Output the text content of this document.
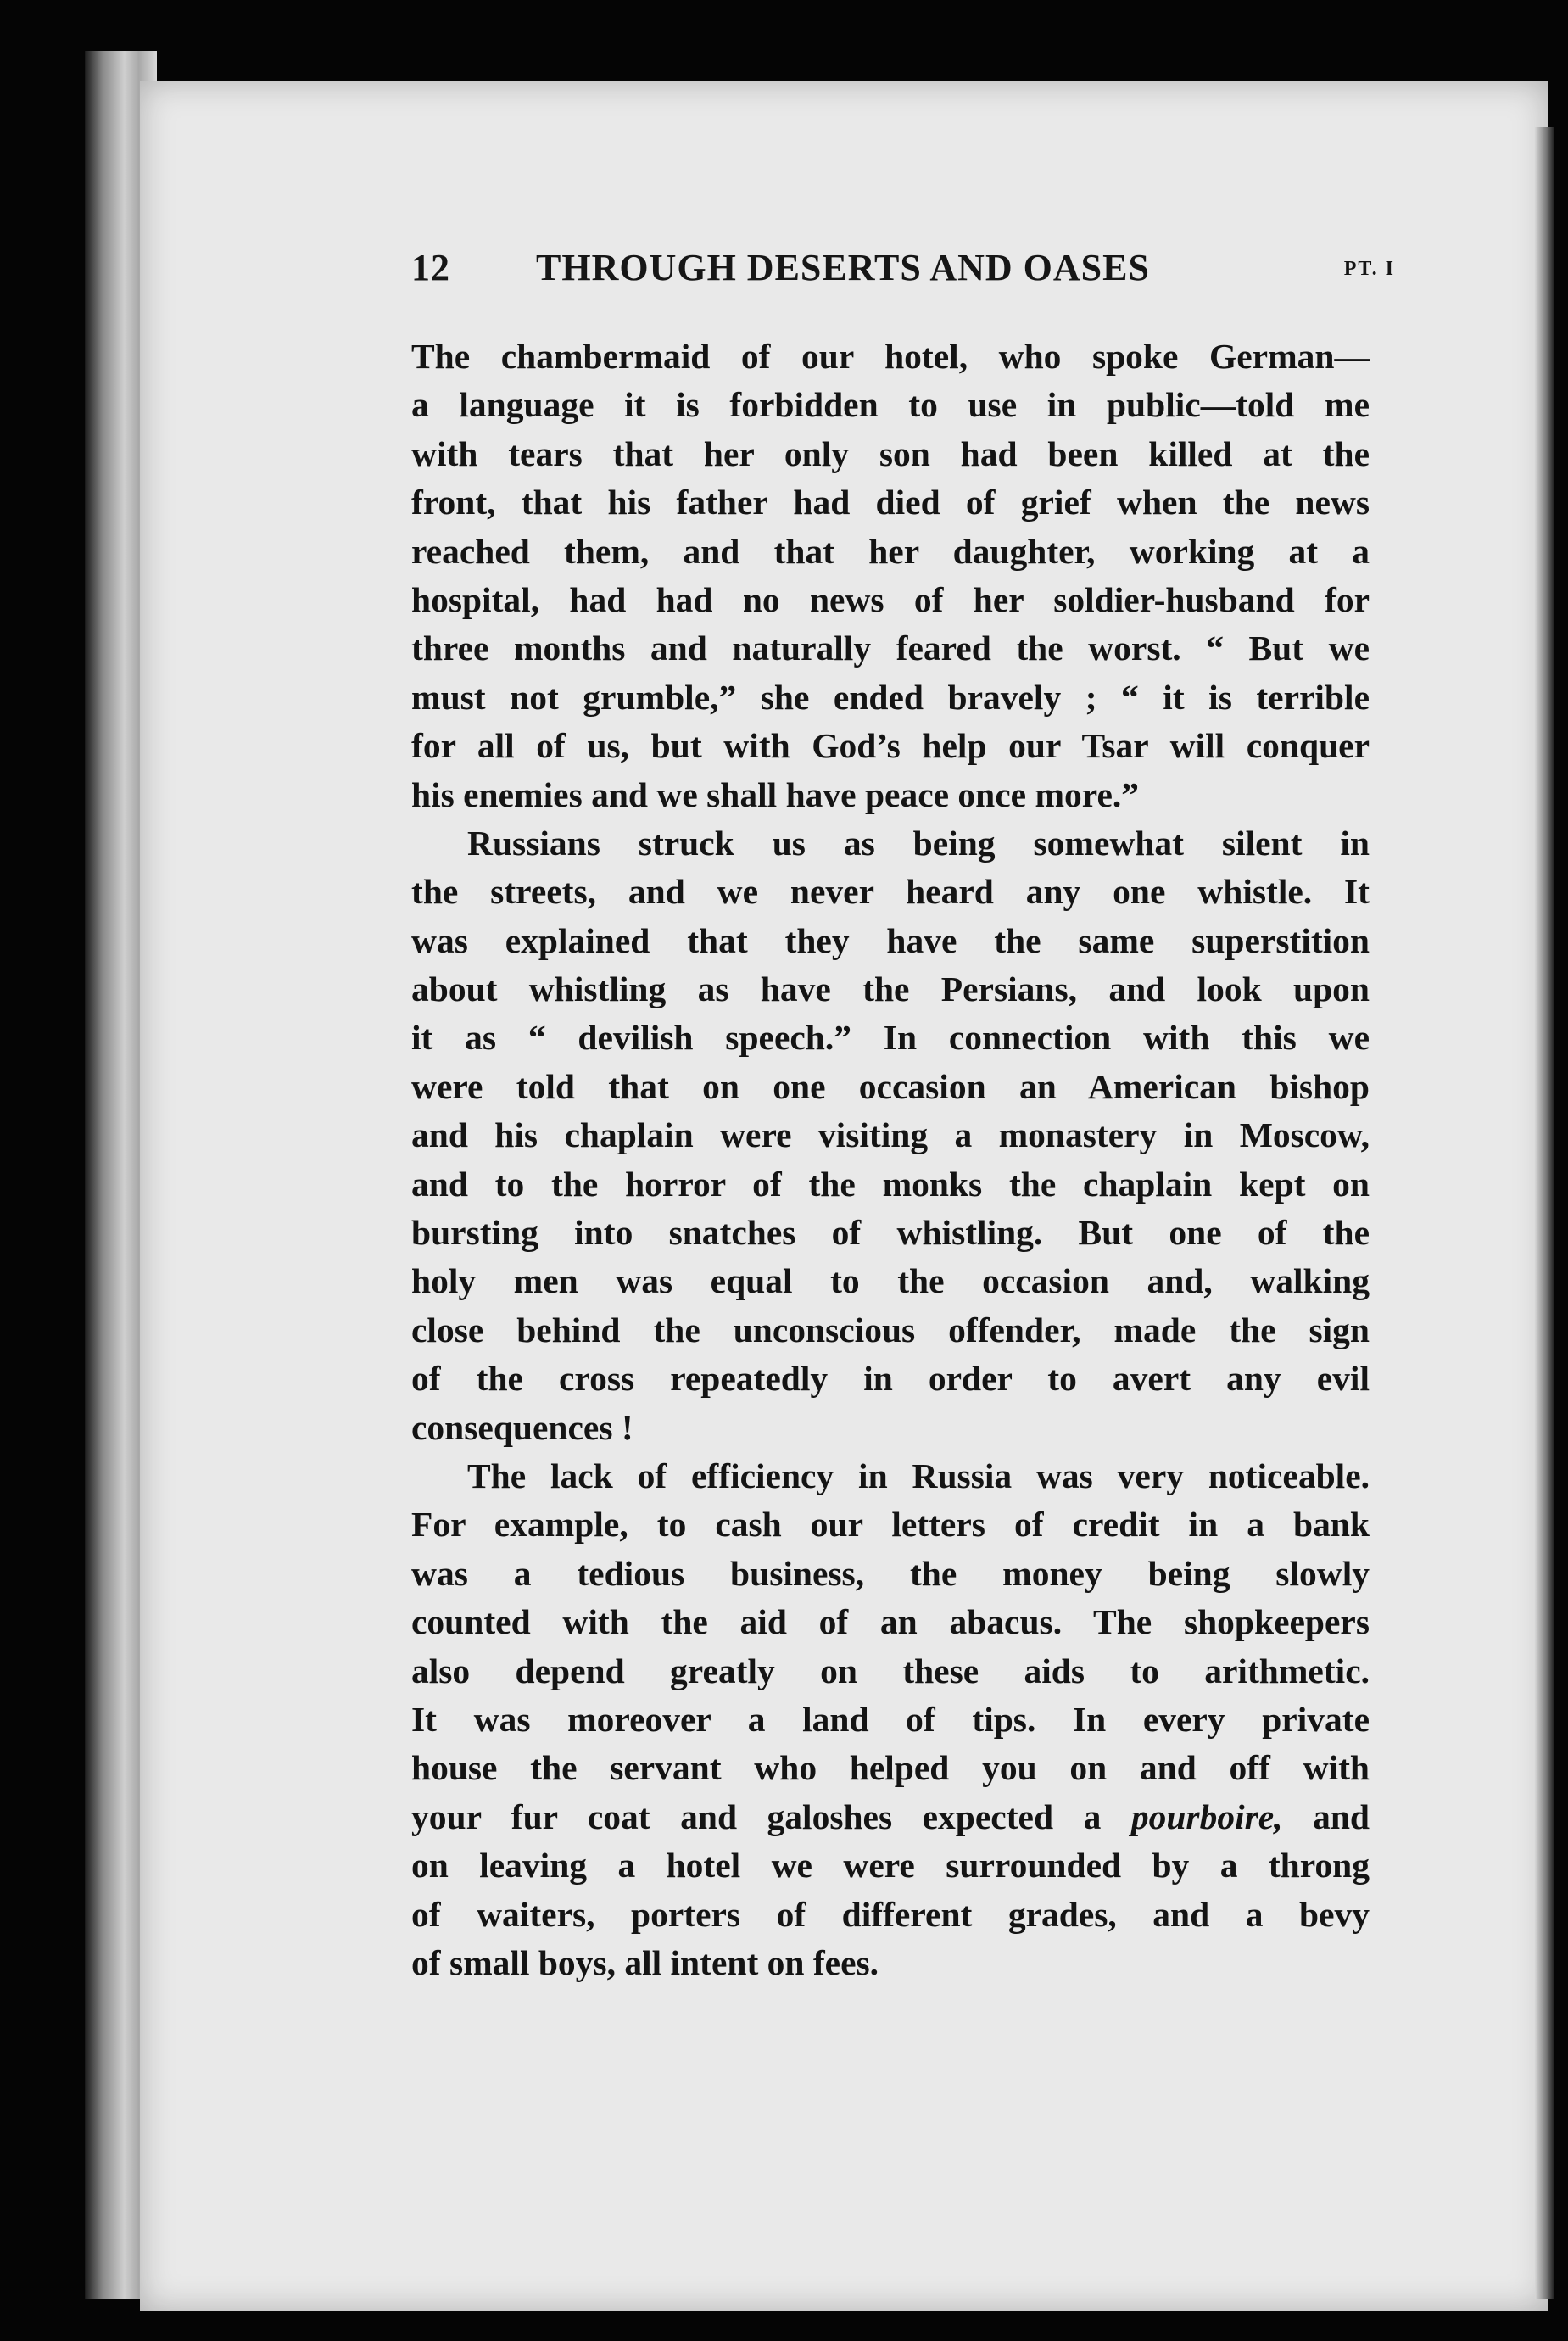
12 THROUGH DESERTS AND OASES	PT. I
The chambermaid of our hotel, who spoke German—
a language it is forbidden to use in public—told me
with tears that her only son had been killed at the
front, that his father had died of grief when the news
reached them, and that her daughter, working at a
hospital, had had no news of her soldier-husband for
three months and naturally feared the worst. “ But we
must not grumble,” she ended bravely ; “ it is terrible
for all of us, but with God’s help our Tsar will conquer
his enemies and we shall have peace once more.”
Russians struck us as being somewhat silent in
the streets, and we never heard any one whistle. It
was explained that they have the same superstition
about whistling as have the Persians, and look upon
it as “ devilish speech.” In connection with this we
were told that on one occasion an American bishop
and his chaplain were visiting a monastery in Moscow,
and to the horror of the monks the chaplain kept on
bursting into snatches of whistling. But one of the
holy men was equal to the occasion and, walking
close behind the unconscious offender, made the sign
of the cross repeatedly in order to avert any evil
consequences !
The lack of efficiency in Russia was very noticeable.
For example, to cash our letters of credit in a bank
was a tedious business, the money being slowly
counted with the aid of an abacus. The shopkeepers
also depend greatly on these aids to arithmetic.
It was moreover a land of tips. In every private
house the servant who helped you on and off with
your fur coat and galoshes expected a pourboire, and
on leaving a hotel we were surrounded by a throng
of waiters, porters of different grades, and a bevy
of small boys, all intent on fees.
